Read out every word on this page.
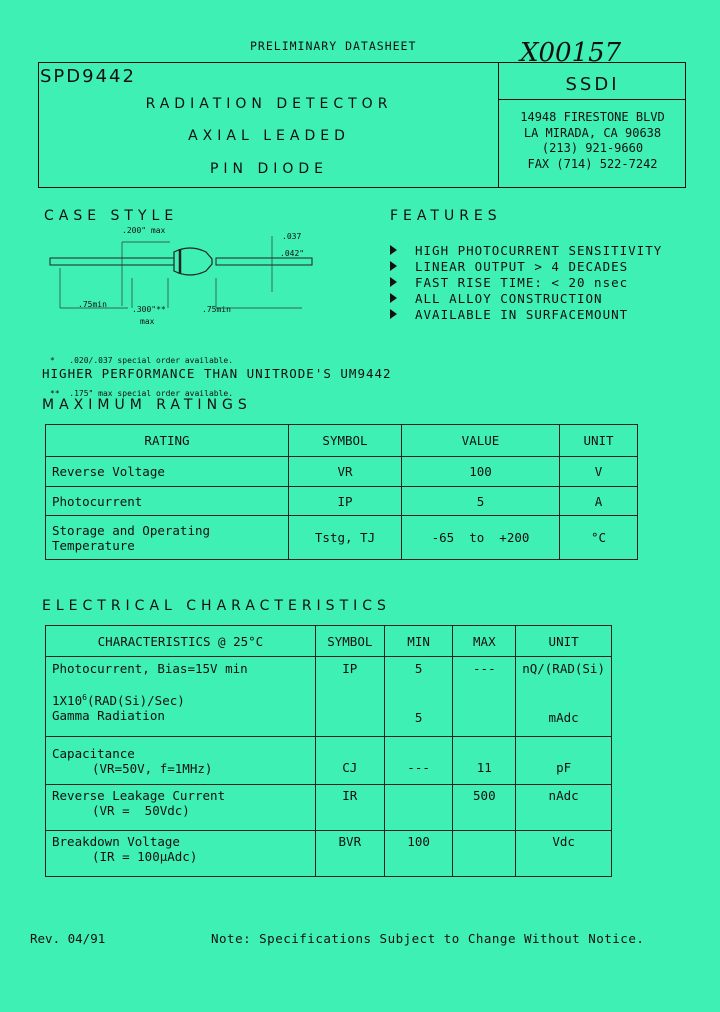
PRELIMINARY DATASHEET	X00157
SPD9442
RADIATION DETECTOR
AXIAL LEADED
PIN DIODE
SSDI
14948 FIRESTONE BLVD
LA MIRADA, CA 90638
(213) 921-9660
FAX (714) 522-7242
CASE STYLE
.200" max
.037
.042"
.75min
.300"**
max
.75min

*   .020/.037 special order available.

**  .175" max special order available.

FEATURES
HIGH PHOTOCURRENT SENSITIVITY
LINEAR OUTPUT > 4 DECADES
FAST RISE TIME: < 20 nsec
ALL ALLOY CONSTRUCTION
AVAILABLE IN SURFACEMOUNT
HIGHER PERFORMANCE THAN UNITRODE'S UM9442
MAXIMUM RATINGS
RATING	SYMBOL	VALUE	UNIT
Reverse Voltage	VR	100	V
Photocurrent	IP	5	A

Storage and Operating
Temperature	Tstg, TJ	-65  to  +200	°C
ELECTRICAL CHARACTERISTICS
CHARACTERISTICS @ 25°C	SYMBOL	MIN	MAX	UNIT
Photocurrent, Bias=15V min	IP	5	---	nQ/(RAD(Si)

$1X10^6(RAD(Si)/Sec)$
Gamma Radiation		5		mAdc

Capacitance
(VR=50V, f=1MHz)	CJ	---	11	pF

Reverse Leakage Current
(VR =  50Vdc)	IR		500	nAdc

Breakdown Voltage
(IR = 100µAdc)	BVR	100		Vdc
Rev. 04/91	Note: Specifications Subject to Change Without Notice.
